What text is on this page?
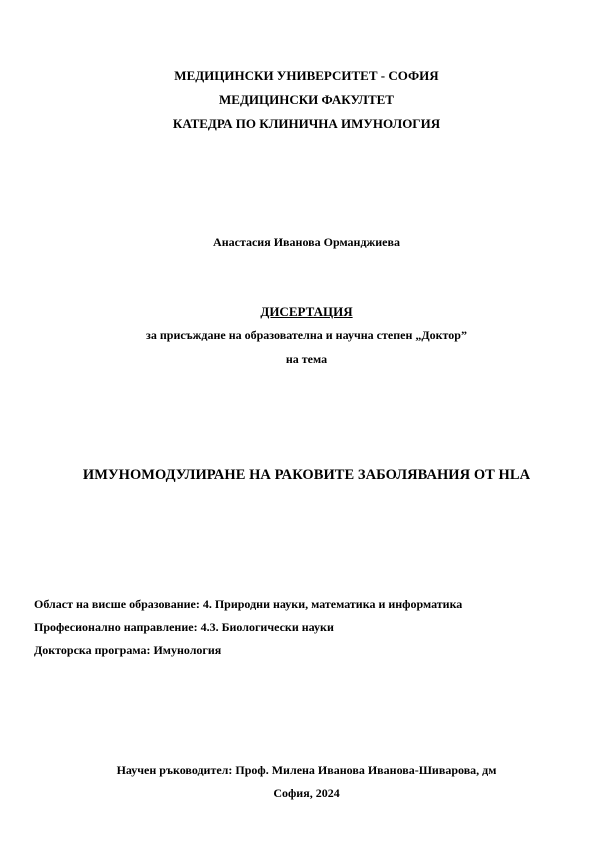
МЕДИЦИНСКИ УНИВЕРСИТЕТ - СОФИЯ
МЕДИЦИНСКИ ФАКУЛТЕТ
КАТЕДРА ПО КЛИНИЧНА ИМУНОЛОГИЯ
Анастасия Иванова Орманджиева
ДИСЕРТАЦИЯ
за присъждане на образователна и научна степен „Доктор”
на тема
ИМУНОМОДУЛИРАНЕ НА РАКОВИТЕ ЗАБОЛЯВАНИЯ ОТ HLA
Област на висше образование: 4. Природни науки, математика и информатика
Професионално направление: 4.3. Биологически науки
Докторска програма: Имунология
Научен ръководител: Проф. Милена Иванова Иванова-Шиварова, дм
София, 2024
